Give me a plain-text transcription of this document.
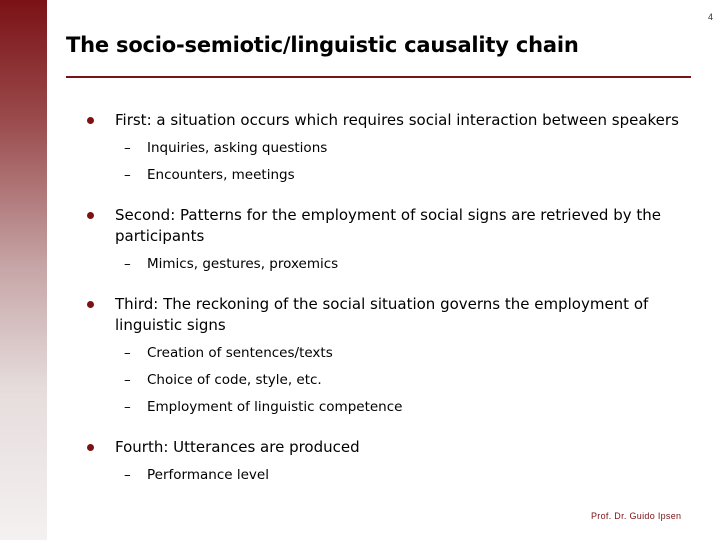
4
The socio-semiotic/linguistic causality chain
First: a situation occurs which requires social interaction between speakers
– Inquiries, asking questions
– Encounters, meetings
Second: Patterns for the employment of social signs are retrieved by the participants
– Mimics, gestures, proxemics
Third: The reckoning of the social situation governs the employment of linguistic signs
– Creation of sentences/texts
– Choice of code, style, etc.
– Employment of linguistic competence
Fourth: Utterances are produced
– Performance level
Prof. Dr. Guido Ipsen
